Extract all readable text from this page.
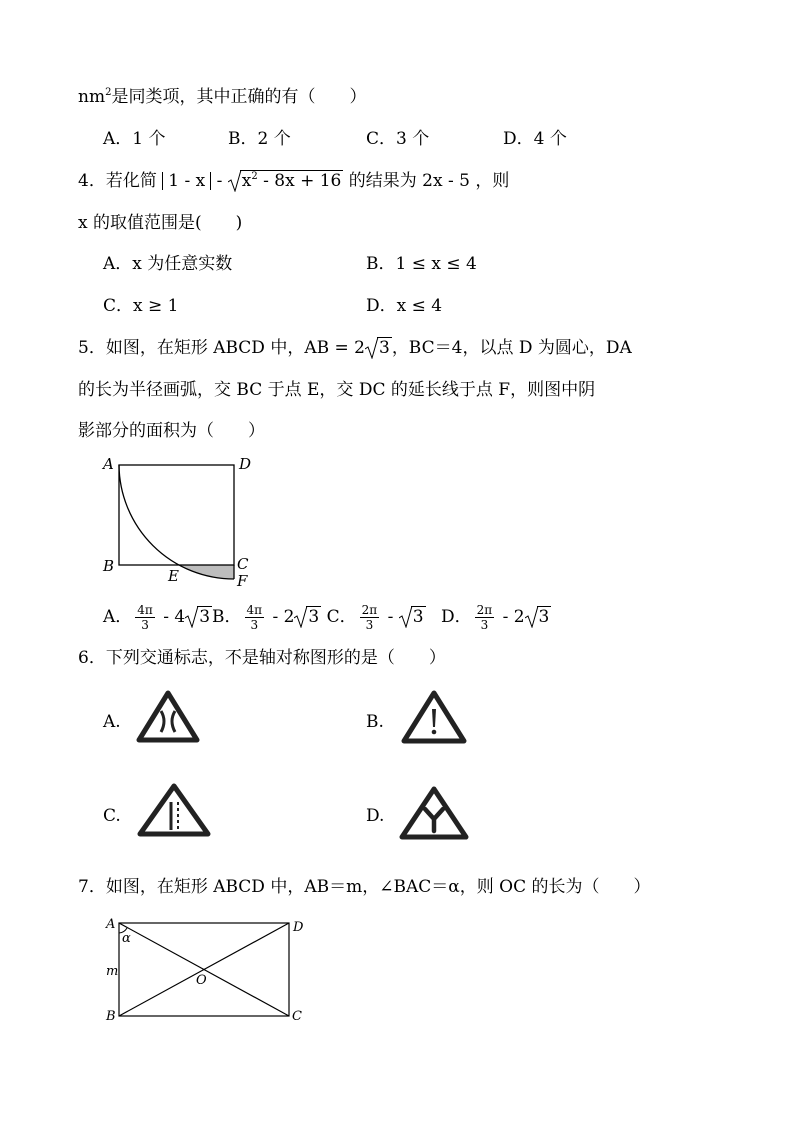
$nm^2$是同类项，其中正确的有（　　）
A．1 个	B．2 个	C．3 个	D．4 个
4．若化简 $1 - x - x^2 - 8x + 16$ 的结果为 2x - 5 ，则
x 的取值范围是(　　)
A．x 为任意实数	B．1 ≤ x ≤ 4
C．x ≥ 1	D．x ≤ 4
5．如图，在矩形 ABCD 中，AB = 2 3 ，BC＝4，以点 D 为圆心，DA
的长为半径画弧，交 BC 于点 E，交 DC 的延长线于点 F，则图中阴
影部分的面积为（　　）
A	D
B	C
E	F
A． $\frac{4\pi}{3} - 4$ 3 B． $\frac{4\pi}{3} - 2$ 3 C． $\frac{2\pi}{3} - 3$ D． $\frac{2\pi}{3} - 2$ 3
6．下列交通标志，不是轴对称图形的是（　　）
A.	B.
C.	D.
7．如图，在矩形 ABCD 中，AB＝m，∠BAC＝α，则 OC 的长为（　　）
A
α
D
m
O
B	C
